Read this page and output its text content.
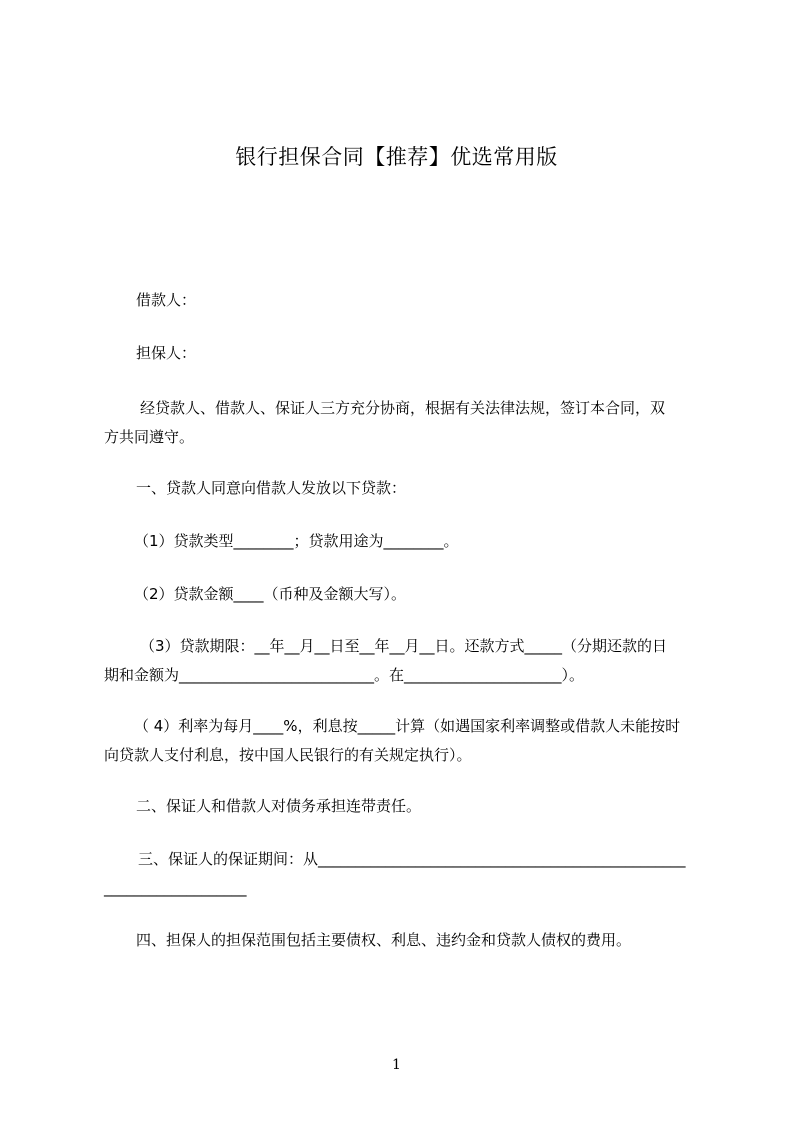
银行担保合同【推荐】优选常用版
借款人：
担保人：
　　经贷款人、借款人、保证人三方充分协商，根据有关法律法规，签订本合同，双
方共同遵守。
一、贷款人同意向借款人发放以下贷款：
（1）贷款类型________；贷款用途为________。
（2）贷款金额____（币种及金额大写）。
（3）贷款期限：__年__月__日至__年__月__日。还款方式_____（分期还款的日
期和金额为__________________________。在_____________________）。
（ 4）利率为每月____%，利息按_____计算（如遇国家利率调整或借款人未能按时
向贷款人支付利息，按中国人民银行的有关规定执行）。
二、保证人和借款人对债务承担连带责任。
三、保证人的保证期间：从_________________________________________________
___________________
四、担保人的担保范围包括主要债权、利息、违约金和贷款人债权的费用。
1
